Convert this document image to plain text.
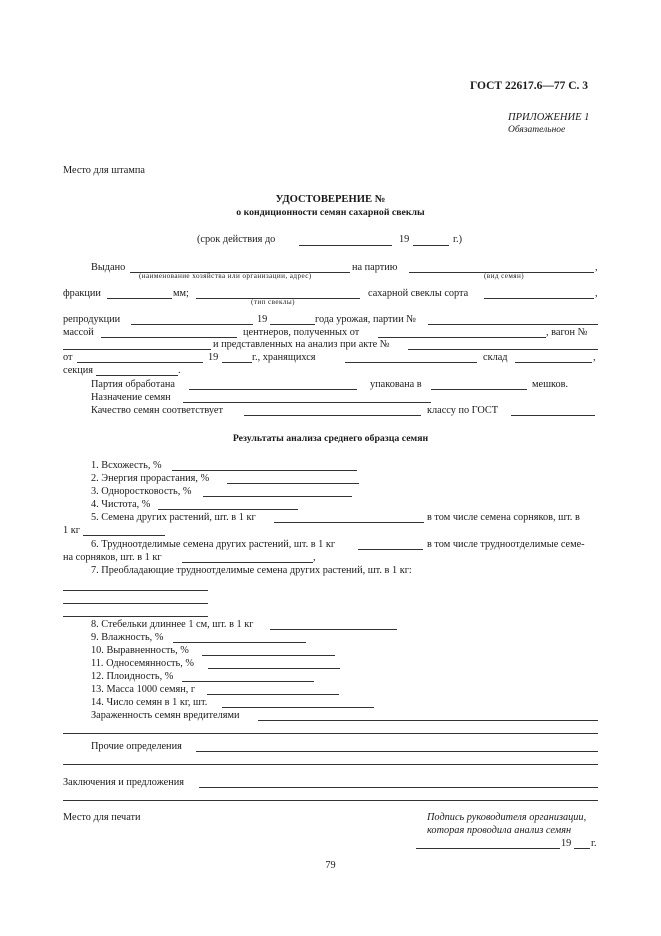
ГОСТ 22617.6—77 С. 3
ПРИЛОЖЕНИЕ 1
Обязательное
Место для штампа
УДОСТОВЕРЕНИЕ №
о кондиционности семян сахарной свеклы
(срок действия до	19	г.)
Выдано	на партию	,
(наименование хозяйства или организации, адрес)	(вид семян)
фракции	мм;	сахарной свеклы сорта	,
(тип свеклы)
репродукции	19	года урожая, партии №
массой	центнеров, полученных от	, вагон №
и представленных на анализ при акте №
от	19	г., хранящихся	склад	,
секция	.
Партия обработана	упакована в	мешков.
Назначение семян
Качество семян соответствует	классу по ГОСТ
Результаты анализа среднего образца семян
1. Всхожесть, %
2. Энергия прорастания, %
3. Одноростковость, %
4. Чистота, %
5. Семена других растений, шт. в 1 кг	в том числе семена сорняков, шт. в
1 кг
6. Трудноотделимые семена других растений, шт. в 1 кг	в том числе трудноотделимые семе-
на сорняков, шт. в 1 кг	,
7. Преобладающие трудноотделимые семена других растений, шт. в 1 кг:
8. Стебельки длиннее 1 см, шт. в 1 кг
9. Влажность, %
10. Выравненность, %
11. Односемянность, %
12. Плоидность, %
13. Масса 1000 семян, г
14. Число семян в 1 кг, шт.
Зараженность семян вредителями
Прочие определения
Заключения и предложения
Место для печати	Подпись руководителя организации,
которая проводила анализ семян
19 г.
79
